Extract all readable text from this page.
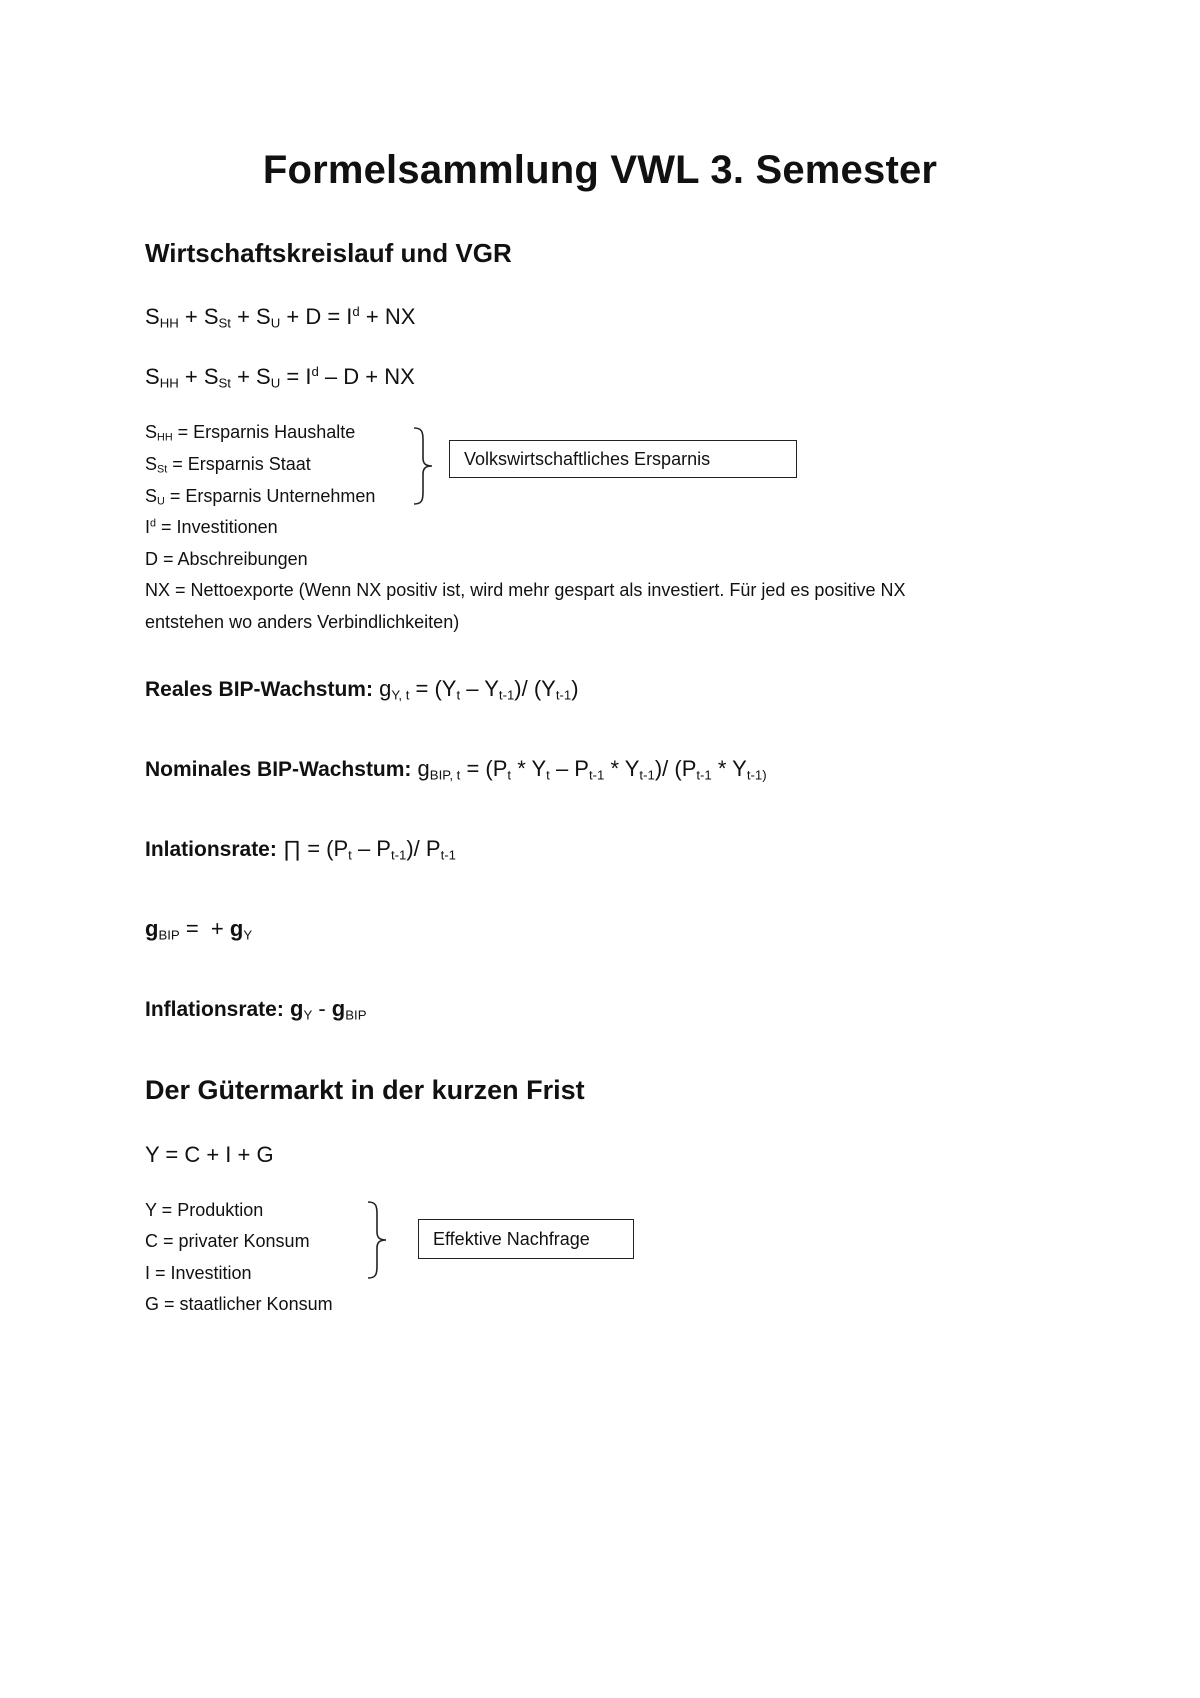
Formelsammlung VWL 3. Semester
Wirtschaftskreislauf und VGR
$S_{HH} + S_{St} + S_U + D = I^d$ + NX
$S_{HH} + S_{St} + S_U = I^d - D$ + NX
$S_{HH}$ = Ersparnis Haushalte
$S_{St}$ = Ersparnis Staat
$S_U$ = Ersparnis Unternehmen
$I^d$ = Investitionen
D = Abschreibungen
NX = Nettoexporte (Wenn NX positiv ist, wird mehr gespart als investiert. Für jed es positive NX
entstehen wo anders Verbindlichkeiten)
Volkswirtschaftliches Ersparnis
Reales BIP-Wachstum: $g_{Y, t} = (Y_t - Y_{t-1})/$ $(Y_{t-1})$
Nominales BIP-Wachstum: $g_{BIP, t} = (P_t * Y_t - P_{t-1} * Y_{t-1})/$ ($P_{t-1} * Y_{t-1)}$
Inlationsrate: ∏ = $(P_t - P_{t-1})/$ $P_{t-1}$
$g_{BIP}$ =  + $g_Y$
Inflationsrate: $g_Y - g_{BIP}$
Der Gütermarkt in der kurzen Frist
Y = C + I + G
Y = Produktion
C = privater Konsum
I = Investition
G = staatlicher Konsum
Effektive Nachfrage
